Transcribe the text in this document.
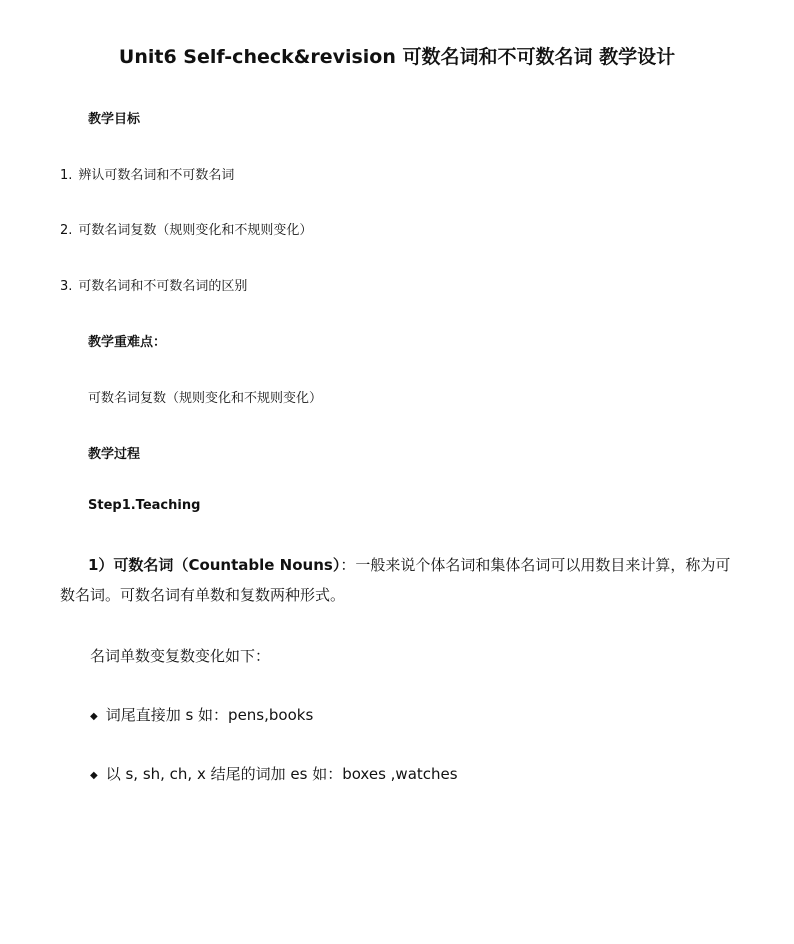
Unit6 Self-check&revision 可数名词和不可数名词 教学设计
教学目标
1. 辨认可数名词和不可数名词
2. 可数名词复数（规则变化和不规则变化）
3. 可数名词和不可数名词的区别
教学重难点：
可数名词复数（规则变化和不规则变化）
教学过程
Step1.Teaching
1）可数名词（Countable Nouns）：一般来说个体名词和集体名词可以用数目来计算，称为可数名词。可数名词有单数和复数两种形式。
名词单数变复数变化如下：
◆ 词尾直接加 s 如：pens,books
◆ 以 s, sh, ch, x 结尾的词加 es 如：boxes ,watches
